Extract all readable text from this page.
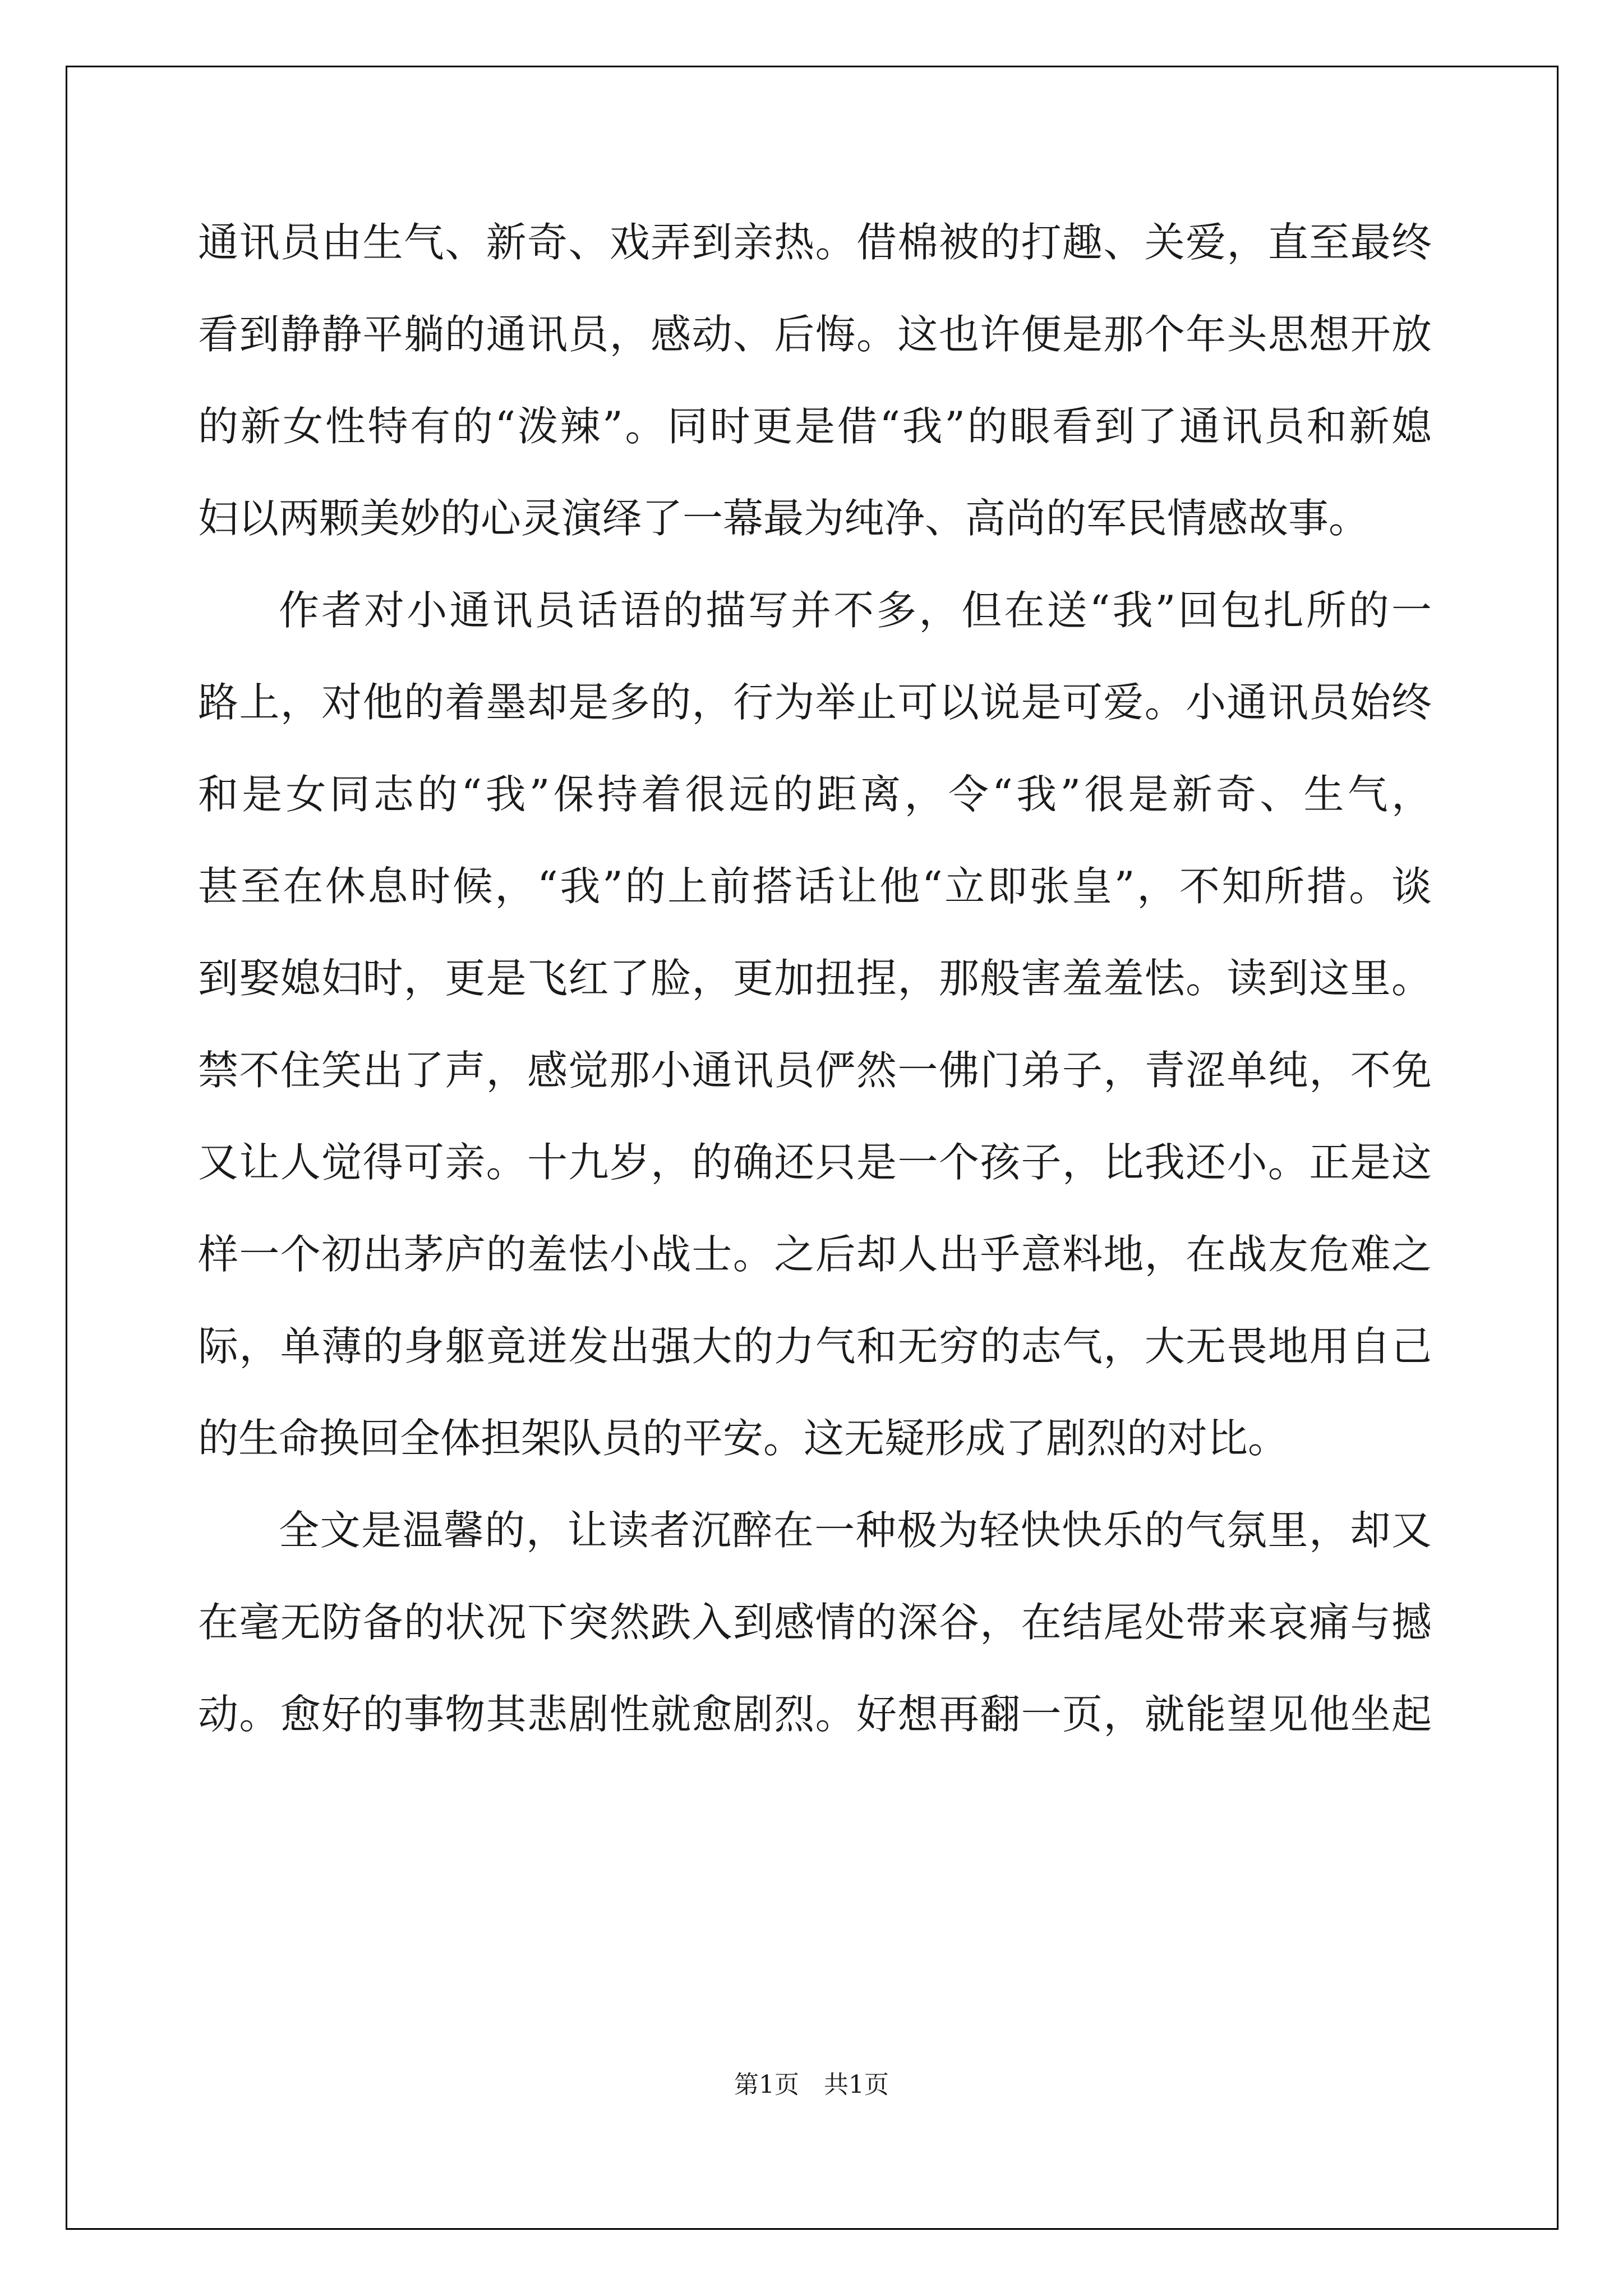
通讯员由生气、新奇、戏弄到亲热。借棉被的打趣、关爱，直至最终
看到静静平躺的通讯员，感动、后悔。这也许便是那个年头思想开放
的新女性特有的“泼辣”。同时更是借“我”的眼看到了通讯员和新媳
妇以两颗美妙的心灵演绎了一幕最为纯净、高尚的军民情感故事。
作者对小通讯员话语的描写并不多，但在送“我”回包扎所的一
路上，对他的着墨却是多的，行为举止可以说是可爱。小通讯员始终
和是女同志的“我”保持着很远的距离，令“我”很是新奇、生气，
甚至在休息时候，“我”的上前搭话让他“立即张皇”，不知所措。谈
到娶媳妇时，更是飞红了脸，更加扭捏，那般害羞羞怯。读到这里。
禁不住笑出了声，感觉那小通讯员俨然一佛门弟子，青涩单纯，不免
又让人觉得可亲。十九岁，的确还只是一个孩子，比我还小。正是这
样一个初出茅庐的羞怯小战士。之后却人出乎意料地，在战友危难之
际，单薄的身躯竟迸发出强大的力气和无穷的志气，大无畏地用自己
的生命换回全体担架队员的平安。这无疑形成了剧烈的对比。
全文是温馨的，让读者沉醉在一种极为轻快快乐的气氛里，却又
在毫无防备的状况下突然跌入到感情的深谷，在结尾处带来哀痛与撼
动。愈好的事物其悲剧性就愈剧烈。好想再翻一页，就能望见他坐起
第1页 共1页
